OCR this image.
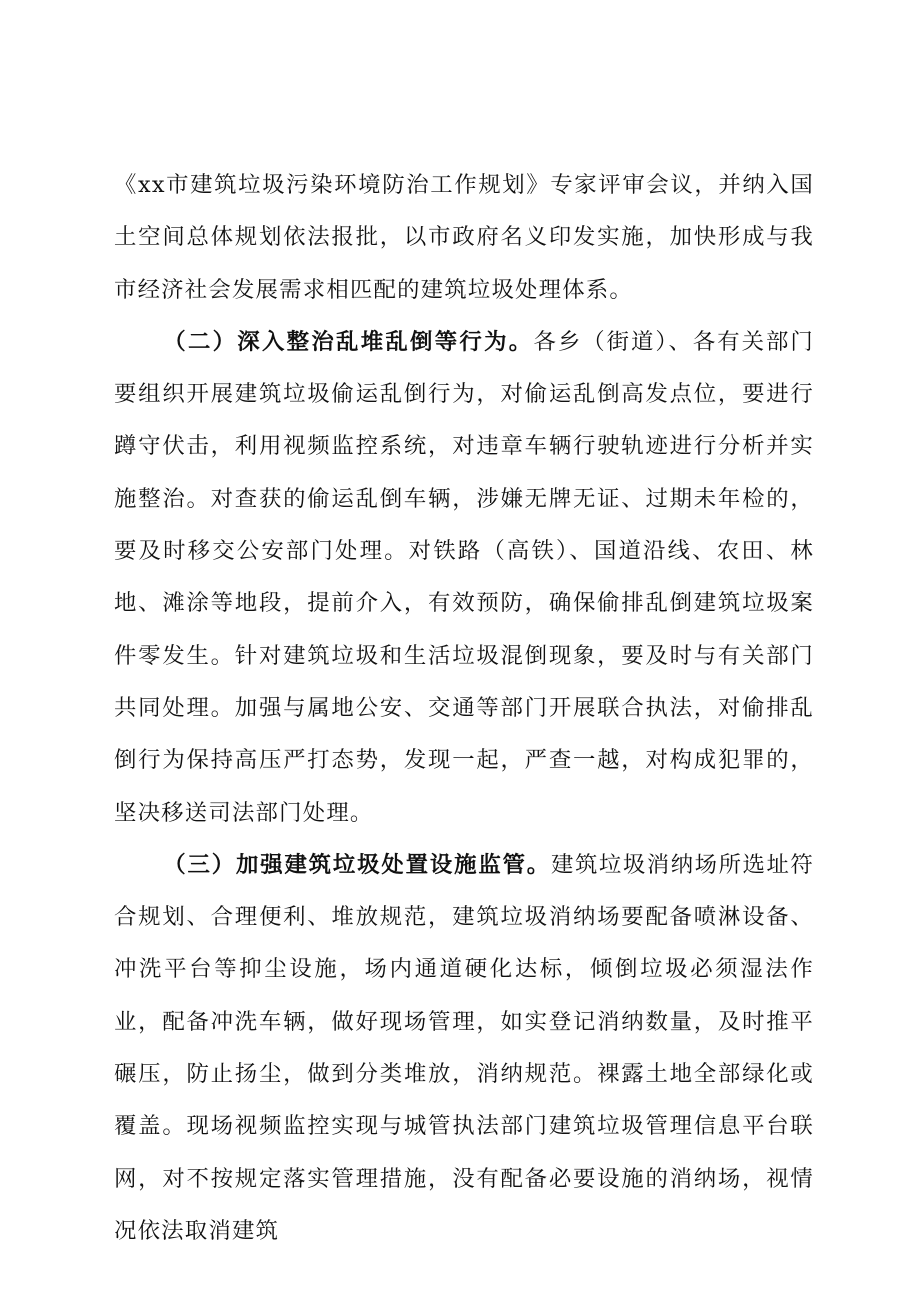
《xx市建筑垃圾污染环境防治工作规划》专家评审会议，并纳入国土空间总体规划依法报批，以市政府名义印发实施，加快形成与我市经济社会发展需求相匹配的建筑垃圾处理体系。

（二）深入整治乱堆乱倒等行为。各乡（街道）、各有关部门要组织开展建筑垃圾偷运乱倒行为，对偷运乱倒高发点位，要进行蹲守伏击，利用视频监控系统，对违章车辆行驶轨迹进行分析并实施整治。对查获的偷运乱倒车辆，涉嫌无牌无证、过期未年检的，要及时移交公安部门处理。对铁路（高铁）、国道沿线、农田、林地、滩涂等地段，提前介入，有效预防，确保偷排乱倒建筑垃圾案件零发生。针对建筑垃圾和生活垃圾混倒现象，要及时与有关部门共同处理。加强与属地公安、交通等部门开展联合执法，对偷排乱倒行为保持高压严打态势，发现一起，严查一越，对构成犯罪的，坚决移送司法部门处理。

（三）加强建筑垃圾处置设施监管。建筑垃圾消纳场所选址符合规划、合理便利、堆放规范，建筑垃圾消纳场要配备喷淋设备、冲洗平台等抑尘设施，场内通道硬化达标，倾倒垃圾必须湿法作业，配备冲洗车辆，做好现场管理，如实登记消纳数量，及时推平碾压，防止扬尘，做到分类堆放，消纳规范。裸露土地全部绿化或覆盖。现场视频监控实现与城管执法部门建筑垃圾管理信息平台联网，对不按规定落实管理措施，没有配备必要设施的消纳场，视情况依法取消建筑
